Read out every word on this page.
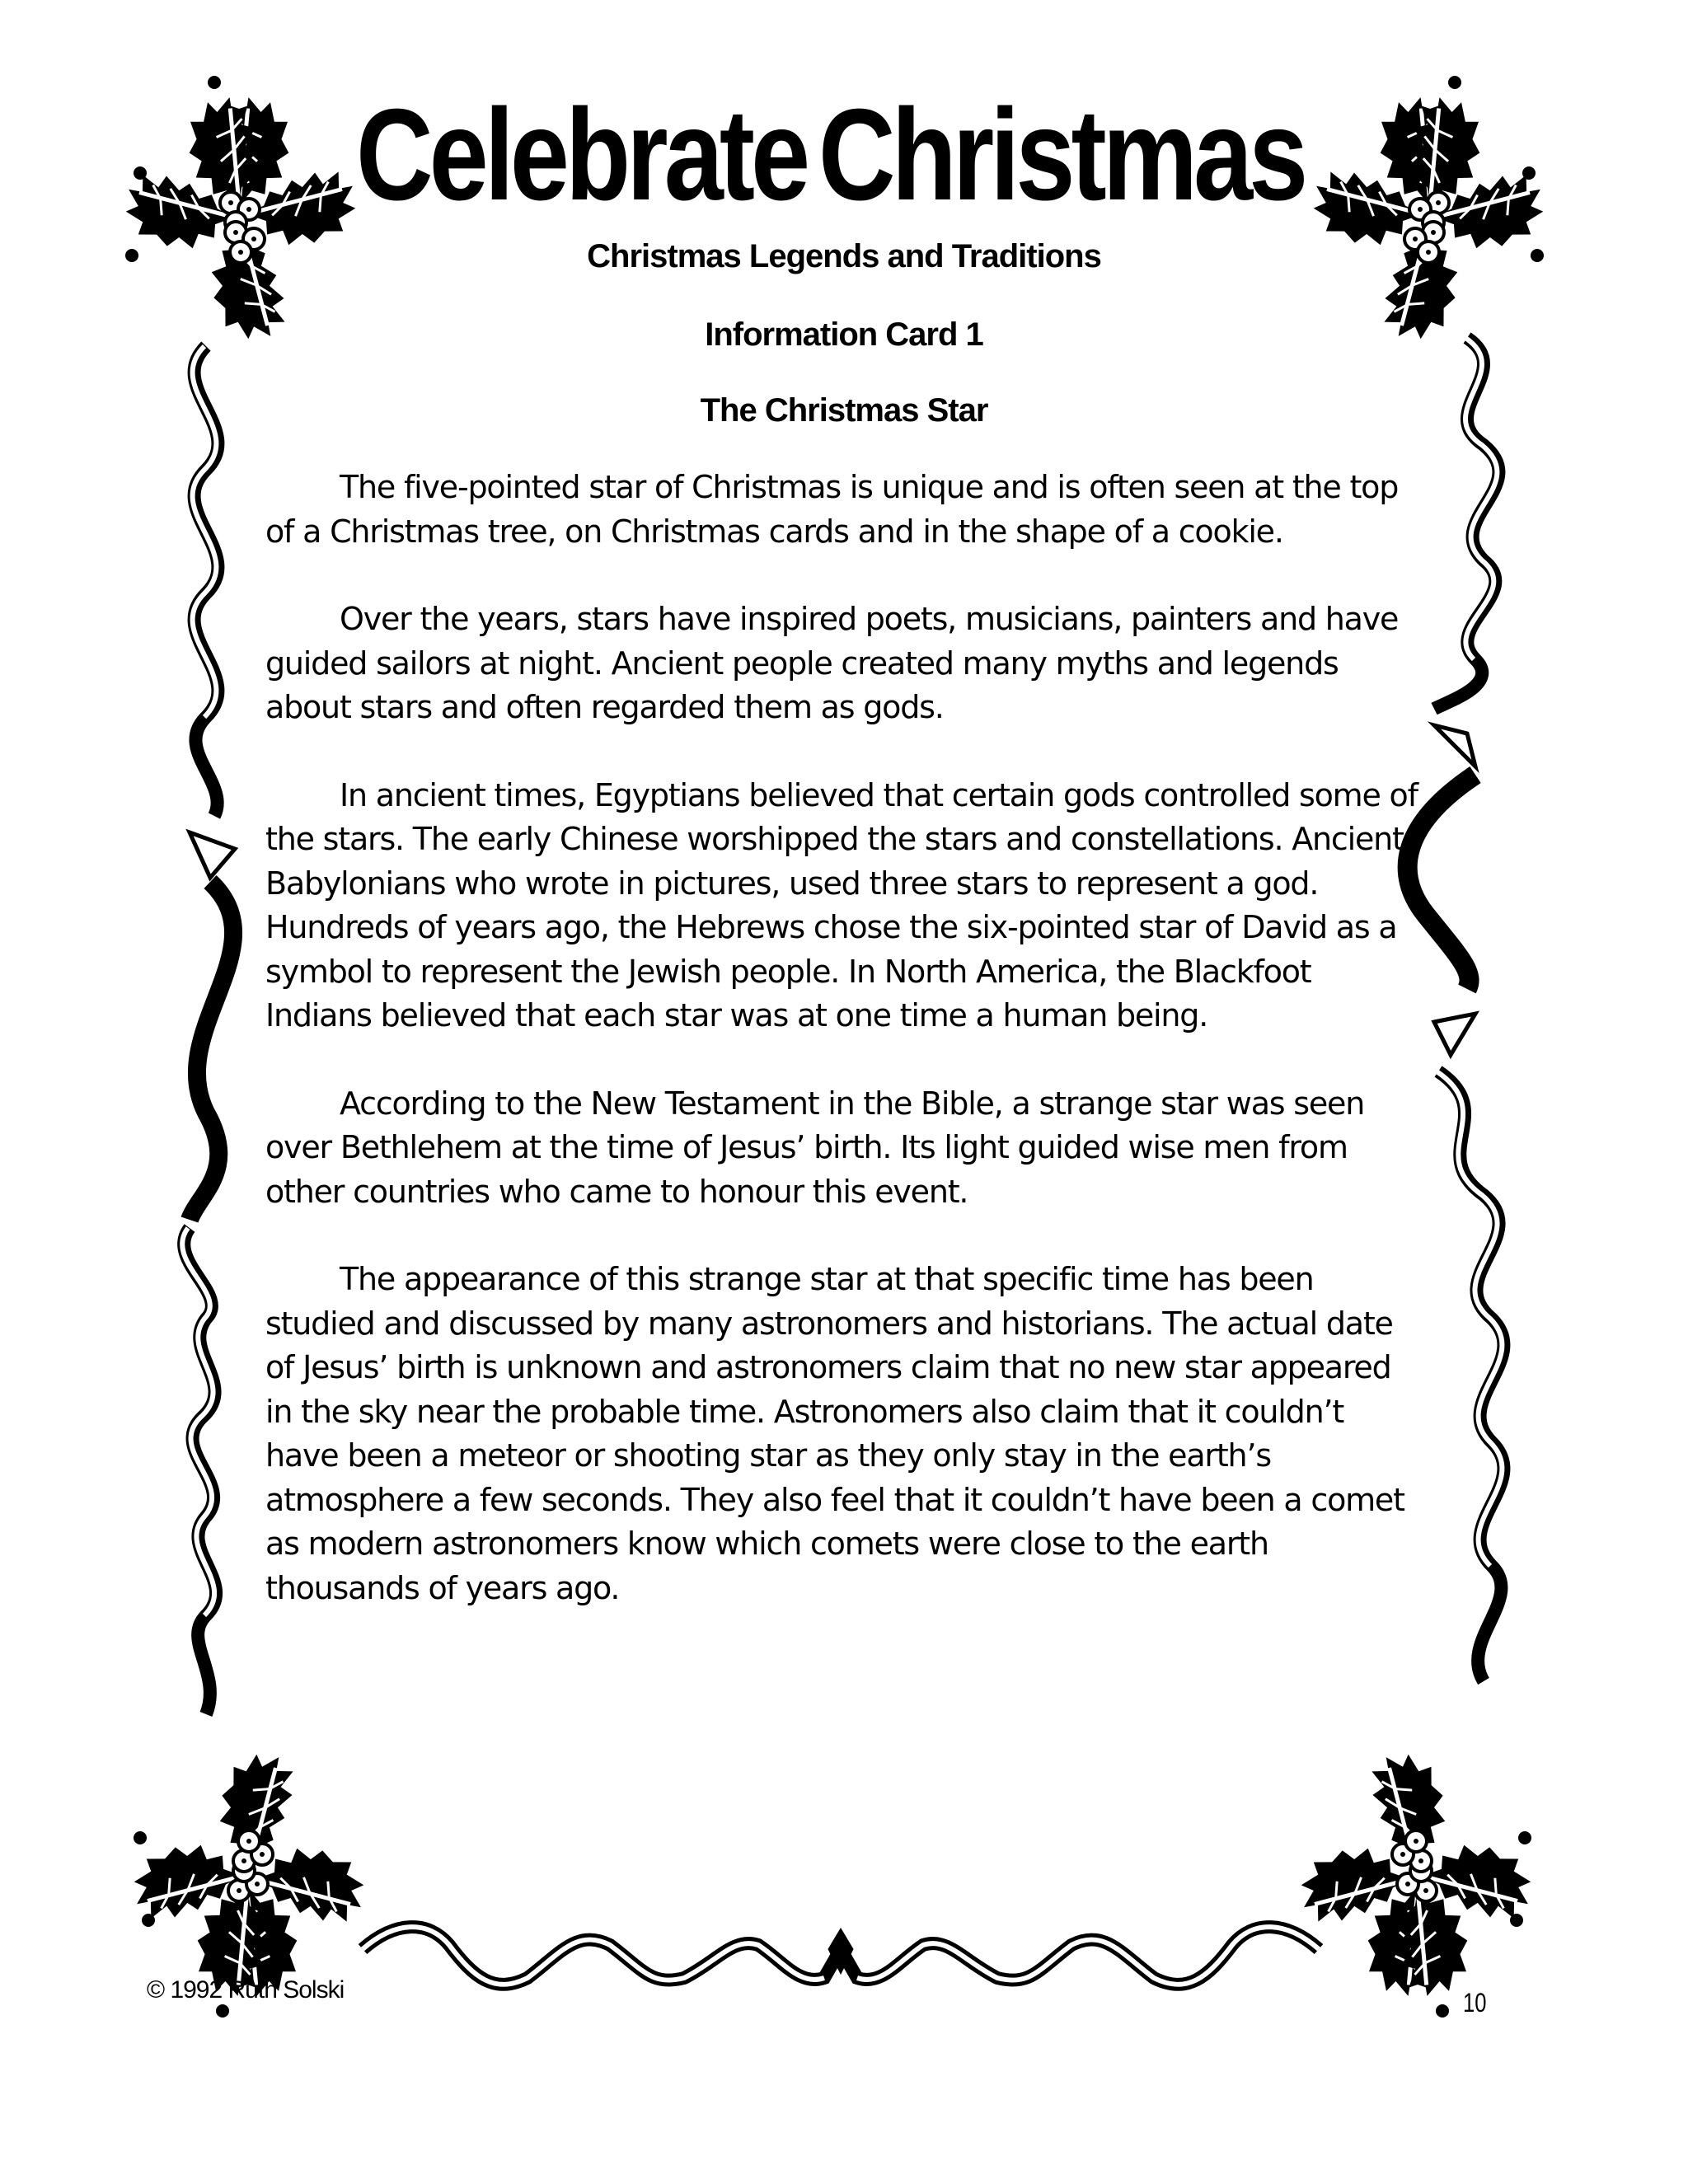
CelebrateChristmas
Christmas Legends and Traditions
Information Card 1
The Christmas Star

The five-pointed star of Christmas is unique and is often seen at the top of a Christmas tree, on Christmas cards and in the shape of a cookie.

Over the years, stars have inspired poets, musicians, painters and have guided sailors at night. Ancient people created many myths and legends about stars and often regarded them as gods.

In ancient times, Egyptians believed that certain gods controlled some of the stars. The early Chinese worshipped the stars and constellations. Ancient Babylonians who wrote in pictures, used three stars to represent a god. Hundreds of years ago, the Hebrews chose the six-pointed star of David as a symbol to represent the Jewish people. In North America, the Blackfoot Indians believed that each star was at one time a human being.

According to the New Testament in the Bible, a strange star was seen over Bethlehem at the time of Jesus’ birth. Its light guided wise men from other countries who came to honour this event.

The appearance of this strange star at that specific time has been studied and discussed by many astronomers and historians. The actual date of Jesus’ birth is unknown and astronomers claim that no new star appeared in the sky near the probable time. Astronomers also claim that it couldn’t have been a meteor or shooting star as they only stay in the earth’s atmosphere a few seconds. They also feel that it couldn’t have been a comet as modern astronomers know which comets were close to the earth thousands of years ago.

© 1992 Ruth Solski	10
